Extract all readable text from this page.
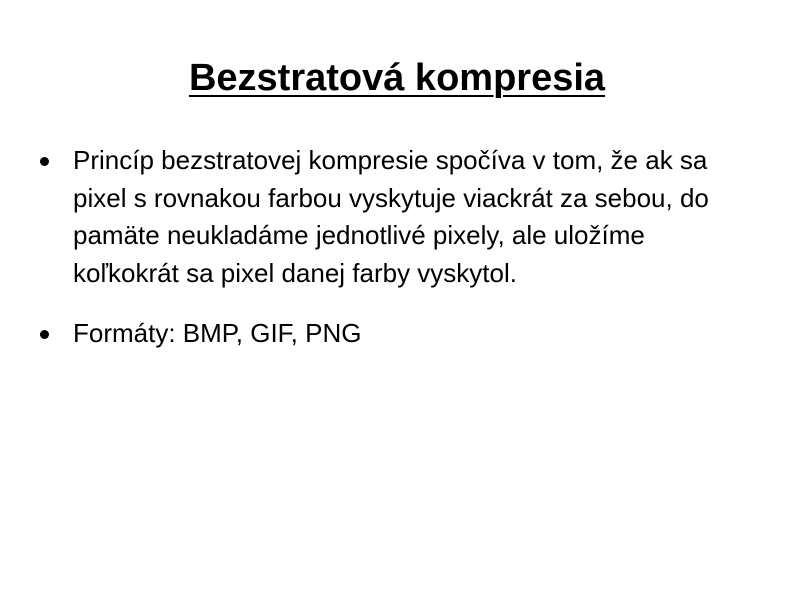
Bezstratová kompresia
Princíp bezstratovej kompresie spočíva v tom, že ak sa pixel s rovnakou farbou vyskytuje viackrát za sebou, do pamäte neukladáme jednotlivé pixely, ale uložíme koľkokrát sa pixel danej farby vyskytol.
Formáty: BMP, GIF, PNG
